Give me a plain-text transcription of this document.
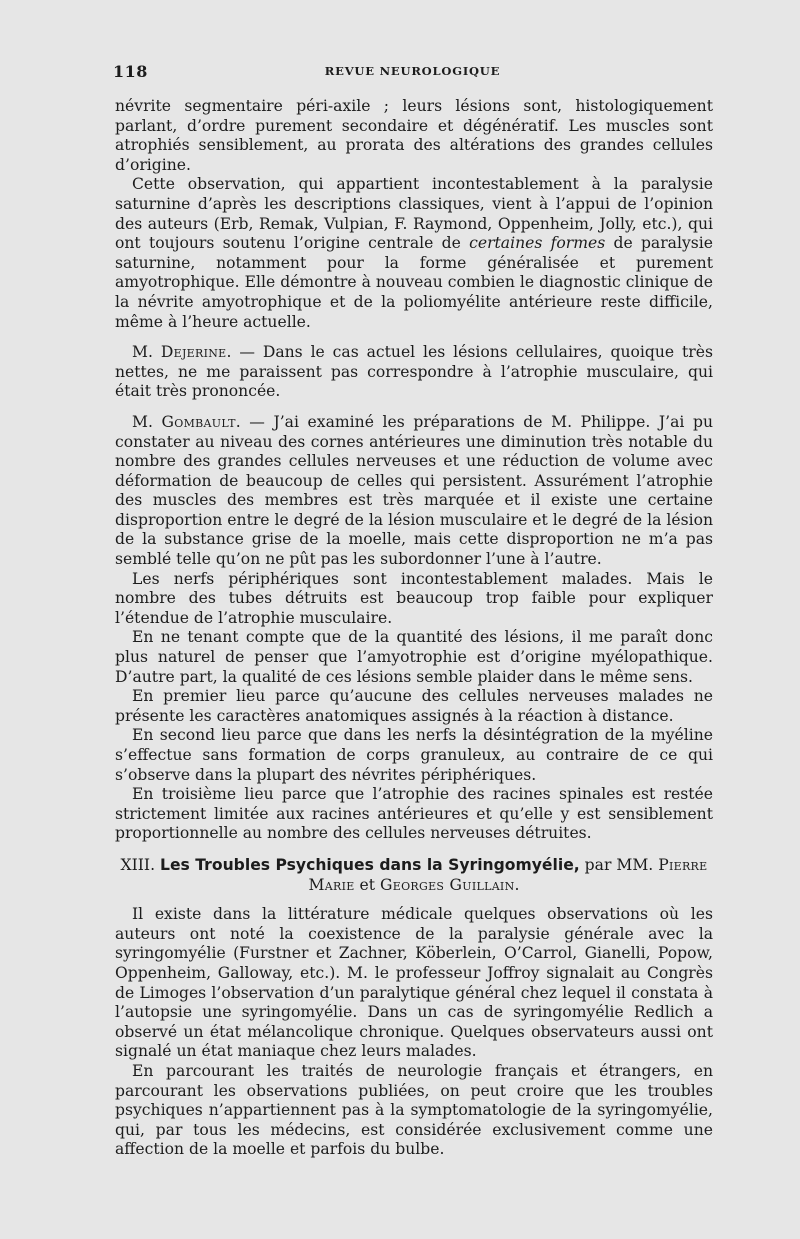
118	REVUE NEUROLOGIQUE

névrite segmentaire péri-axile ; leurs lésions sont, histologiquement parlant, d’ordre purement secondaire et dégénératif. Les muscles sont atrophiés sensiblement, au prorata des altérations des grandes cellules d’origine.

Cette observation, qui appartient incontestablement à la paralysie saturnine d’après les descriptions classiques, vient à l’appui de l’opinion des auteurs (Erb, Remak, Vulpian, F. Raymond, Oppenheim, Jolly, etc.), qui ont toujours soutenu l’origine centrale de certaines formes de paralysie saturnine, notamment pour la forme généralisée et purement amyotrophique. Elle démontre à nouveau combien le diagnostic clinique de la névrite amyotrophique et de la poliomyélite antérieure reste difficile, même à l’heure actuelle.

M. Dejerine. — Dans le cas actuel les lésions cellulaires, quoique très nettes, ne me paraissent pas correspondre à l’atrophie musculaire, qui était très prononcée.

M. Gombault. — J’ai examiné les préparations de M. Philippe. J’ai pu constater au niveau des cornes antérieures une diminution très notable du nombre des grandes cellules nerveuses et une réduction de volume avec déformation de beaucoup de celles qui persistent. Assurément l’atrophie des muscles des membres est très marquée et il existe une certaine disproportion entre le degré de la lésion musculaire et le degré de la lésion de la substance grise de la moelle, mais cette disproportion ne m’a pas semblé telle qu’on ne pût pas les subordonner l’une à l’autre.

Les nerfs périphériques sont incontestablement malades. Mais le nombre des tubes détruits est beaucoup trop faible pour expliquer l’étendue de l’atrophie musculaire.

En ne tenant compte que de la quantité des lésions, il me paraît donc plus naturel de penser que l’amyotrophie est d’origine myélopathique. D’autre part, la qualité de ces lésions semble plaider dans le même sens.

En premier lieu parce qu’aucune des cellules nerveuses malades ne présente les caractères anatomiques assignés à la réaction à distance.

En second lieu parce que dans les nerfs la désintégration de la myéline s’effectue sans formation de corps granuleux, au contraire de ce qui s’observe dans la plupart des névrites périphériques.

En troisième lieu parce que l’atrophie des racines spinales est restée strictement limitée aux racines antérieures et qu’elle y est sensiblement proportionnelle au nombre des cellules nerveuses détruites.

XIII. Les Troubles Psychiques dans la Syringomyélie, par MM. Pierre Marie et Georges Guillain.

Il existe dans la littérature médicale quelques observations où les auteurs ont noté la coexistence de la paralysie générale avec la syringomyélie (Furstner et Zachner, Köberlein, O’Carrol, Gianelli, Popow, Oppenheim, Galloway, etc.). M. le professeur Joffroy signalait au Congrès de Limoges l’observation d’un paralytique général chez lequel il constata à l’autopsie une syringomyélie. Dans un cas de syringomyélie Redlich a observé un état mélancolique chronique. Quelques observateurs aussi ont signalé un état maniaque chez leurs malades.

En parcourant les traités de neurologie français et étrangers, en parcourant les observations publiées, on peut croire que les troubles psychiques n’appartiennent pas à la symptomatologie de la syringomyélie, qui, par tous les médecins, est considérée exclusivement comme une affection de la moelle et parfois du bulbe.
